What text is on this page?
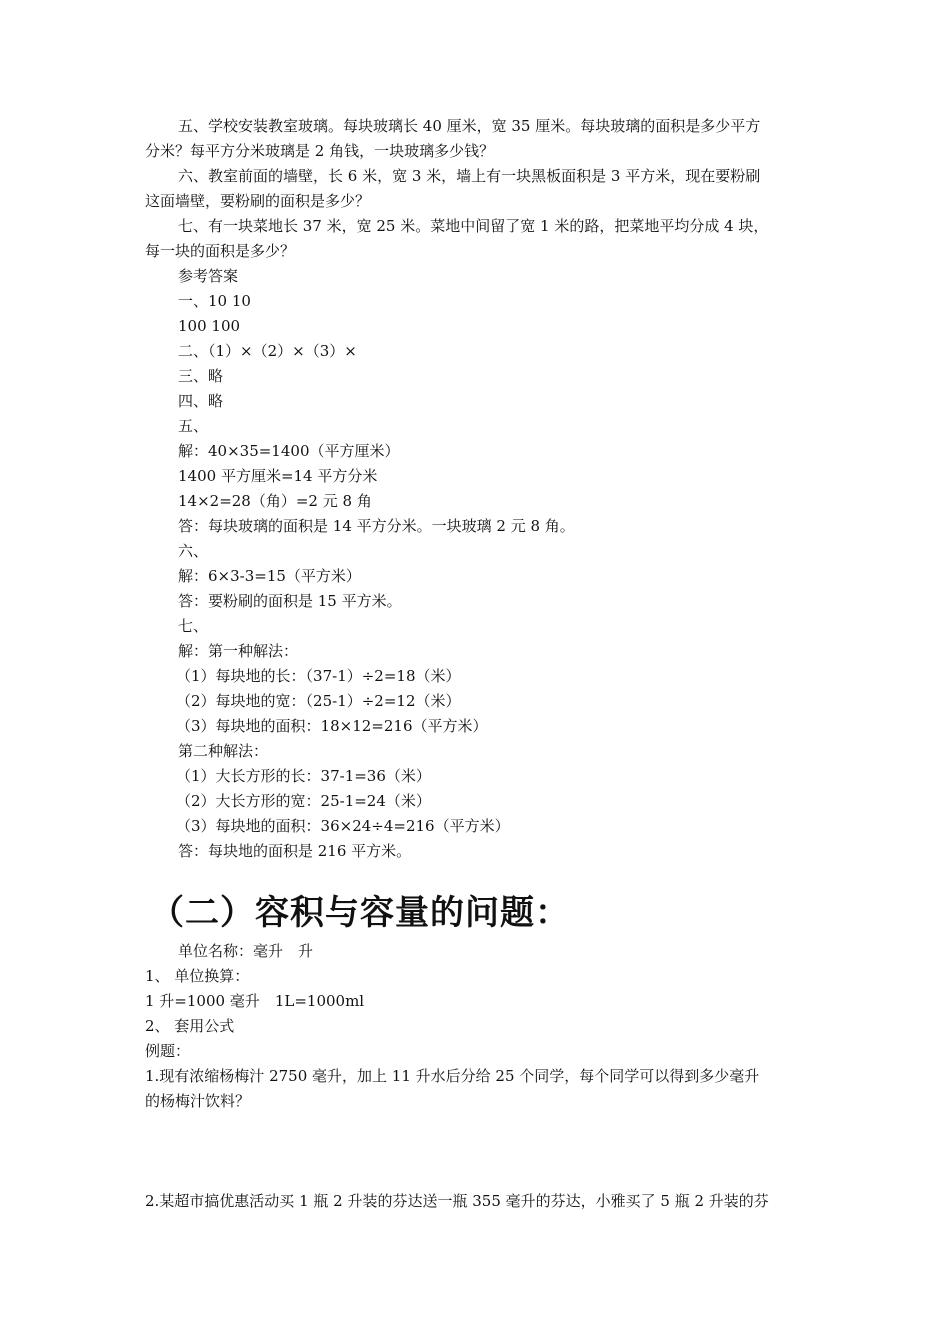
五、学校安装教室玻璃。每块玻璃长 40 厘米，宽 35 厘米。每块玻璃的面积是多少平方

分米？每平方分米玻璃是 2 角钱，一块玻璃多少钱？

六、教室前面的墙壁，长 6 米，宽 3 米，墙上有一块黑板面积是 3 平方米，现在要粉刷

这面墙壁，要粉刷的面积是多少？

七、有一块菜地长 37 米，宽 25 米。菜地中间留了宽 1 米的路，把菜地平均分成 4 块，

每一块的面积是多少？

参考答案

一、10 10

100 100

二、（1）×（2）×（3）×

三、略

四、略

五、

解：40×35=1400（平方厘米）

1400 平方厘米=14 平方分米

14×2=28（角）=2 元 8 角

答：每块玻璃的面积是 14 平方分米。一块玻璃 2 元 8 角。

六、

解：6×3-3=15（平方米）

答：要粉刷的面积是 15 平方米。

七、

解：第一种解法：

（1）每块地的长：（37-1）÷2=18（米）

（2）每块地的宽：（25-1）÷2=12（米）

（3）每块地的面积：18×12=216（平方米）

第二种解法：

（1）大长方形的长：37-1=36（米）

（2）大长方形的宽：25-1=24（米）

（3）每块地的面积：36×24÷4=216（平方米）

答：每块地的面积是 216 平方米。

（二）容积与容量的问题：

单位名称：毫升　升

1、 单位换算：

1 升=1000 毫升　1L=1000ml

2、 套用公式

例题：

1.现有浓缩杨梅汁 2750 毫升，加上 11 升水后分给 25 个同学，每个同学可以得到多少毫升

的杨梅汁饮料？

2.某超市搞优惠活动买 1 瓶 2 升装的芬达送一瓶 355 毫升的芬达，小雅买了 5 瓶 2 升装的芬
